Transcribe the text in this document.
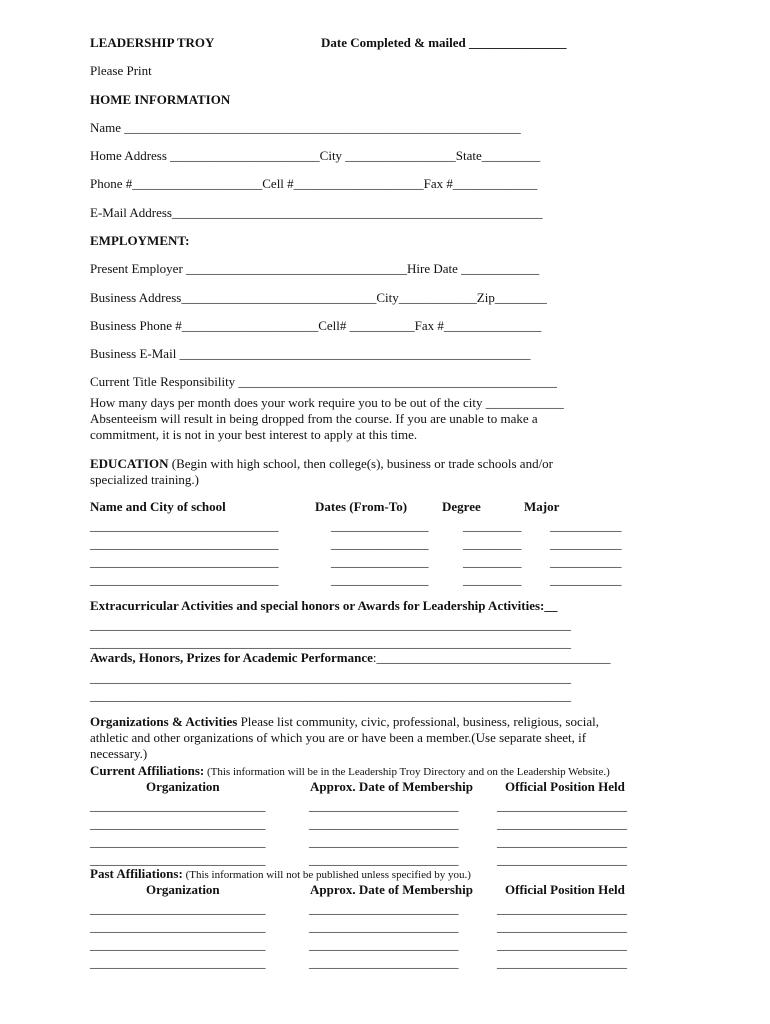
LEADERSHIP TROY	Date Completed & mailed _______________
Please Print
HOME INFORMATION
Name _____________________________________________________________
Home Address _______________________City _________________State_________
Phone #____________________Cell #____________________Fax #_____________
E-Mail Address_________________________________________________________
EMPLOYMENT:
Present Employer __________________________________Hire Date ____________
Business Address______________________________City____________Zip________
Business Phone #_____________________Cell# __________Fax #_______________
Business E-Mail ______________________________________________________
Current Title Responsibility _________________________________________________
How many days per month does your work require you to be out of the city ____________
Absenteeism will result in being dropped from the course. If you are unable to make a
commitment, it is not in your best interest to apply at this time.
EDUCATION (Begin with high school, then college(s), business or trade schools and/or
specialized training.)
Name and City of school	Dates (From-To)	Degree	Major
_____________________________	_______________	_________ ___________
_____________________________	_______________	_________ ___________
_____________________________	_______________	_________ ___________
_____________________________	_______________	_________ ___________
Extracurricular Activities and special honors or Awards for Leadership Activities:__
__________________________________________________________________________
__________________________________________________________________________
Awards, Honors, Prizes for Academic Performance:____________________________________
__________________________________________________________________________
__________________________________________________________________________
Organizations & Activities Please list community, civic, professional, business, religious, social,
athletic and other organizations of which you are or have been a member.(Use separate sheet, if
necessary.)
Current Affiliations: (This information will be in the Leadership Troy Directory and on the Leadership Website.)
Organization	Approx. Date of Membership Official Position Held
___________________________	_______________________	____________________
___________________________	_______________________	____________________
___________________________	_______________________	____________________
___________________________	_______________________	____________________
Past Affiliations: (This information will not be published unless specified by you.)
Organization	Approx. Date of Membership Official Position Held
___________________________	_______________________	____________________
___________________________	_______________________	____________________
___________________________	_______________________	____________________
___________________________	_______________________	____________________
